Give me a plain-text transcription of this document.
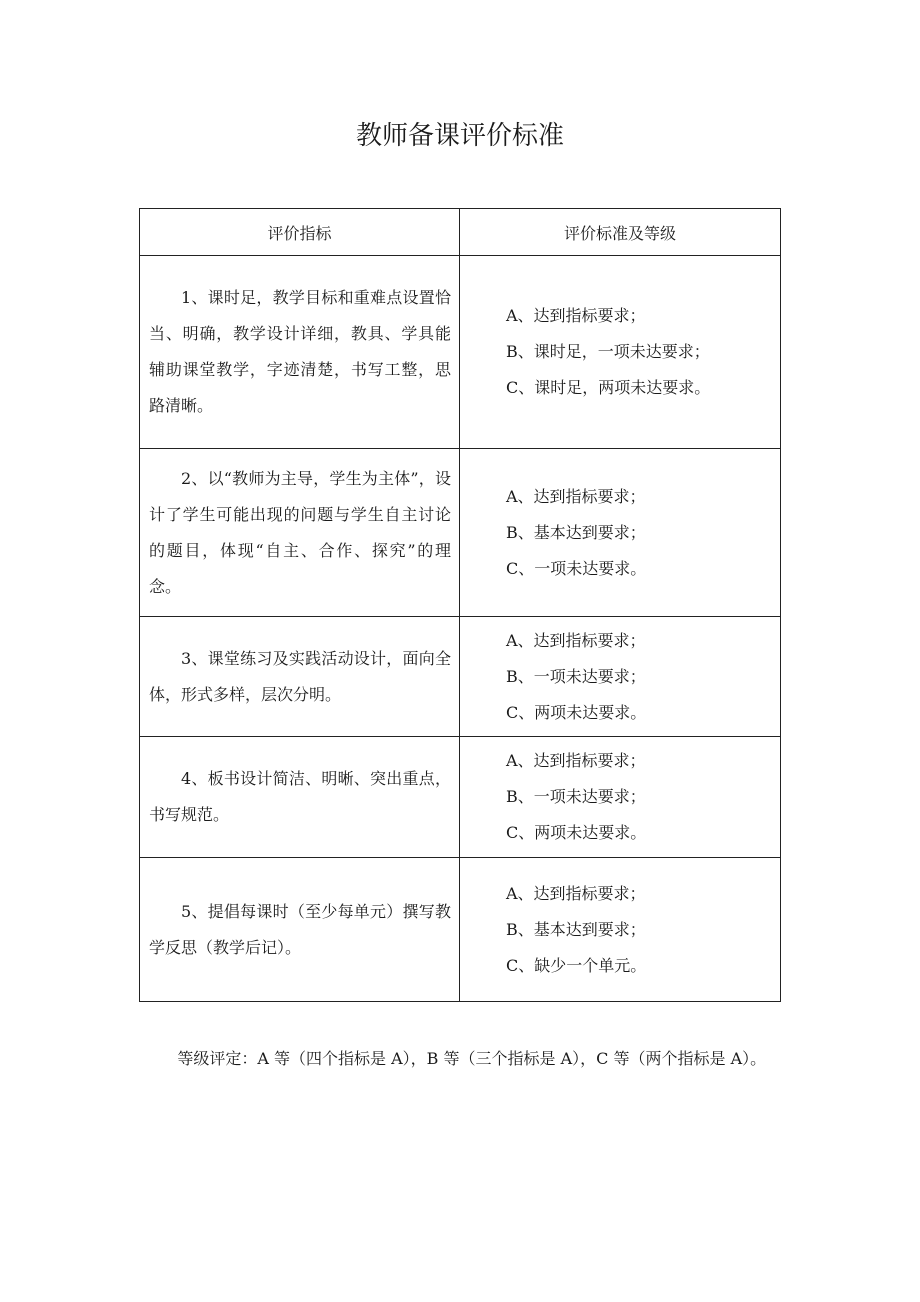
教师备课评价标准
评价指标	评价标准及等级
1、课时足，教学目标和重难点设置恰当、明确，教学设计详细，教具、学具能辅助课堂教学，字迹清楚，书写工整，思路清晰。	A、达到指标要求；
B、课时足，一项未达要求；
C、课时足，两项未达要求。

2、以“教师为主导，学生为主体”，设计了学生可能出现的问题与学生自主讨论的题目，体现“自主、合作、探究”的理念。	A、达到指标要求；
B、基本达到要求；
C、一项未达要求。

3、课堂练习及实践活动设计，面向全体，形式多样，层次分明。	A、达到指标要求；
B、一项未达要求；
C、两项未达要求。

4、板书设计简洁、明晰、突出重点，书写规范。	A、达到指标要求；
B、一项未达要求；
C、两项未达要求。

5、提倡每课时（至少每单元）撰写教学反思（教学后记）。	A、达到指标要求；
B、基本达到要求；
C、缺少一个单元。
等级评定：A 等（四个指标是 A），B 等（三个指标是 A），C 等（两个指标是 A）。
